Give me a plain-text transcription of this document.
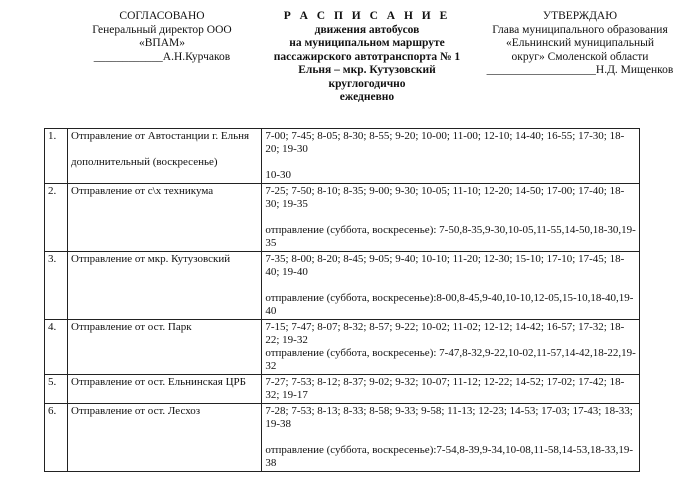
СОГЛАСОВАНО
Генеральный директор ООО
«ВПАМ»
____________А.Н.Курчаков
Р А С П И С А Н И Е
движения автобусов
на муниципальном маршруте
пассажирского автотранспорта № 1
Ельня – мкр. Кутузовский
круглогодично
ежедневно
УТВЕРЖДАЮ
Глава муниципального образования
«Ельнинский муниципальный
округ» Смоленской области
___________________Н.Д. Мищенков
1.	Отправление от Автостанции г. Ельня
дополнительный (воскресенье)	7-00; 7-45; 8-05; 8-30; 8-55; 9-20; 10-00; 11-00; 12-10; 14-40; 16-55; 17-30; 18-20; 19-30
10-30

2.	Отправление от с\х техникума	7-25; 7-50; 8-10; 8-35; 9-00; 9-30; 10-05; 11-10; 12-20; 14-50; 17-00; 17-40; 18-30; 19-35
отправление (суббота, воскресенье): 7-50,8-35,9-30,10-05,11-55,14-50,18-30,19-35

3.	Отправление от мкр. Кутузовский	7-35; 8-00; 8-20; 8-45; 9-05; 9-40; 10-10; 11-20; 12-30; 15-10; 17-10; 17-45; 18-40; 19-40
отправление (суббота, воскресенье):8-00,8-45,9-40,10-10,12-05,15-10,18-40,19-40

4.	Отправление от ост. Парк	7-15; 7-47; 8-07; 8-32; 8-57; 9-22; 10-02; 11-02; 12-12; 14-42; 16-57; 17-32; 18-22; 19-32
отправление (суббота, воскресенье): 7-47,8-32,9-22,10-02,11-57,14-42,18-22,19-32

5.	Отправление от ост. Ельнинская ЦРБ	7-27; 7-53; 8-12; 8-37; 9-02; 9-32; 10-07; 11-12; 12-22; 14-52; 17-02; 17-42; 18-32; 19-17

6.	Отправление от ост. Лесхоз	7-28; 7-53; 8-13; 8-33; 8-58; 9-33; 9-58; 11-13; 12-23; 14-53; 17-03; 17-43; 18-33; 19-38
отправление (суббота, воскресенье):7-54,8-39,9-34,10-08,11-58,14-53,18-33,19-38
